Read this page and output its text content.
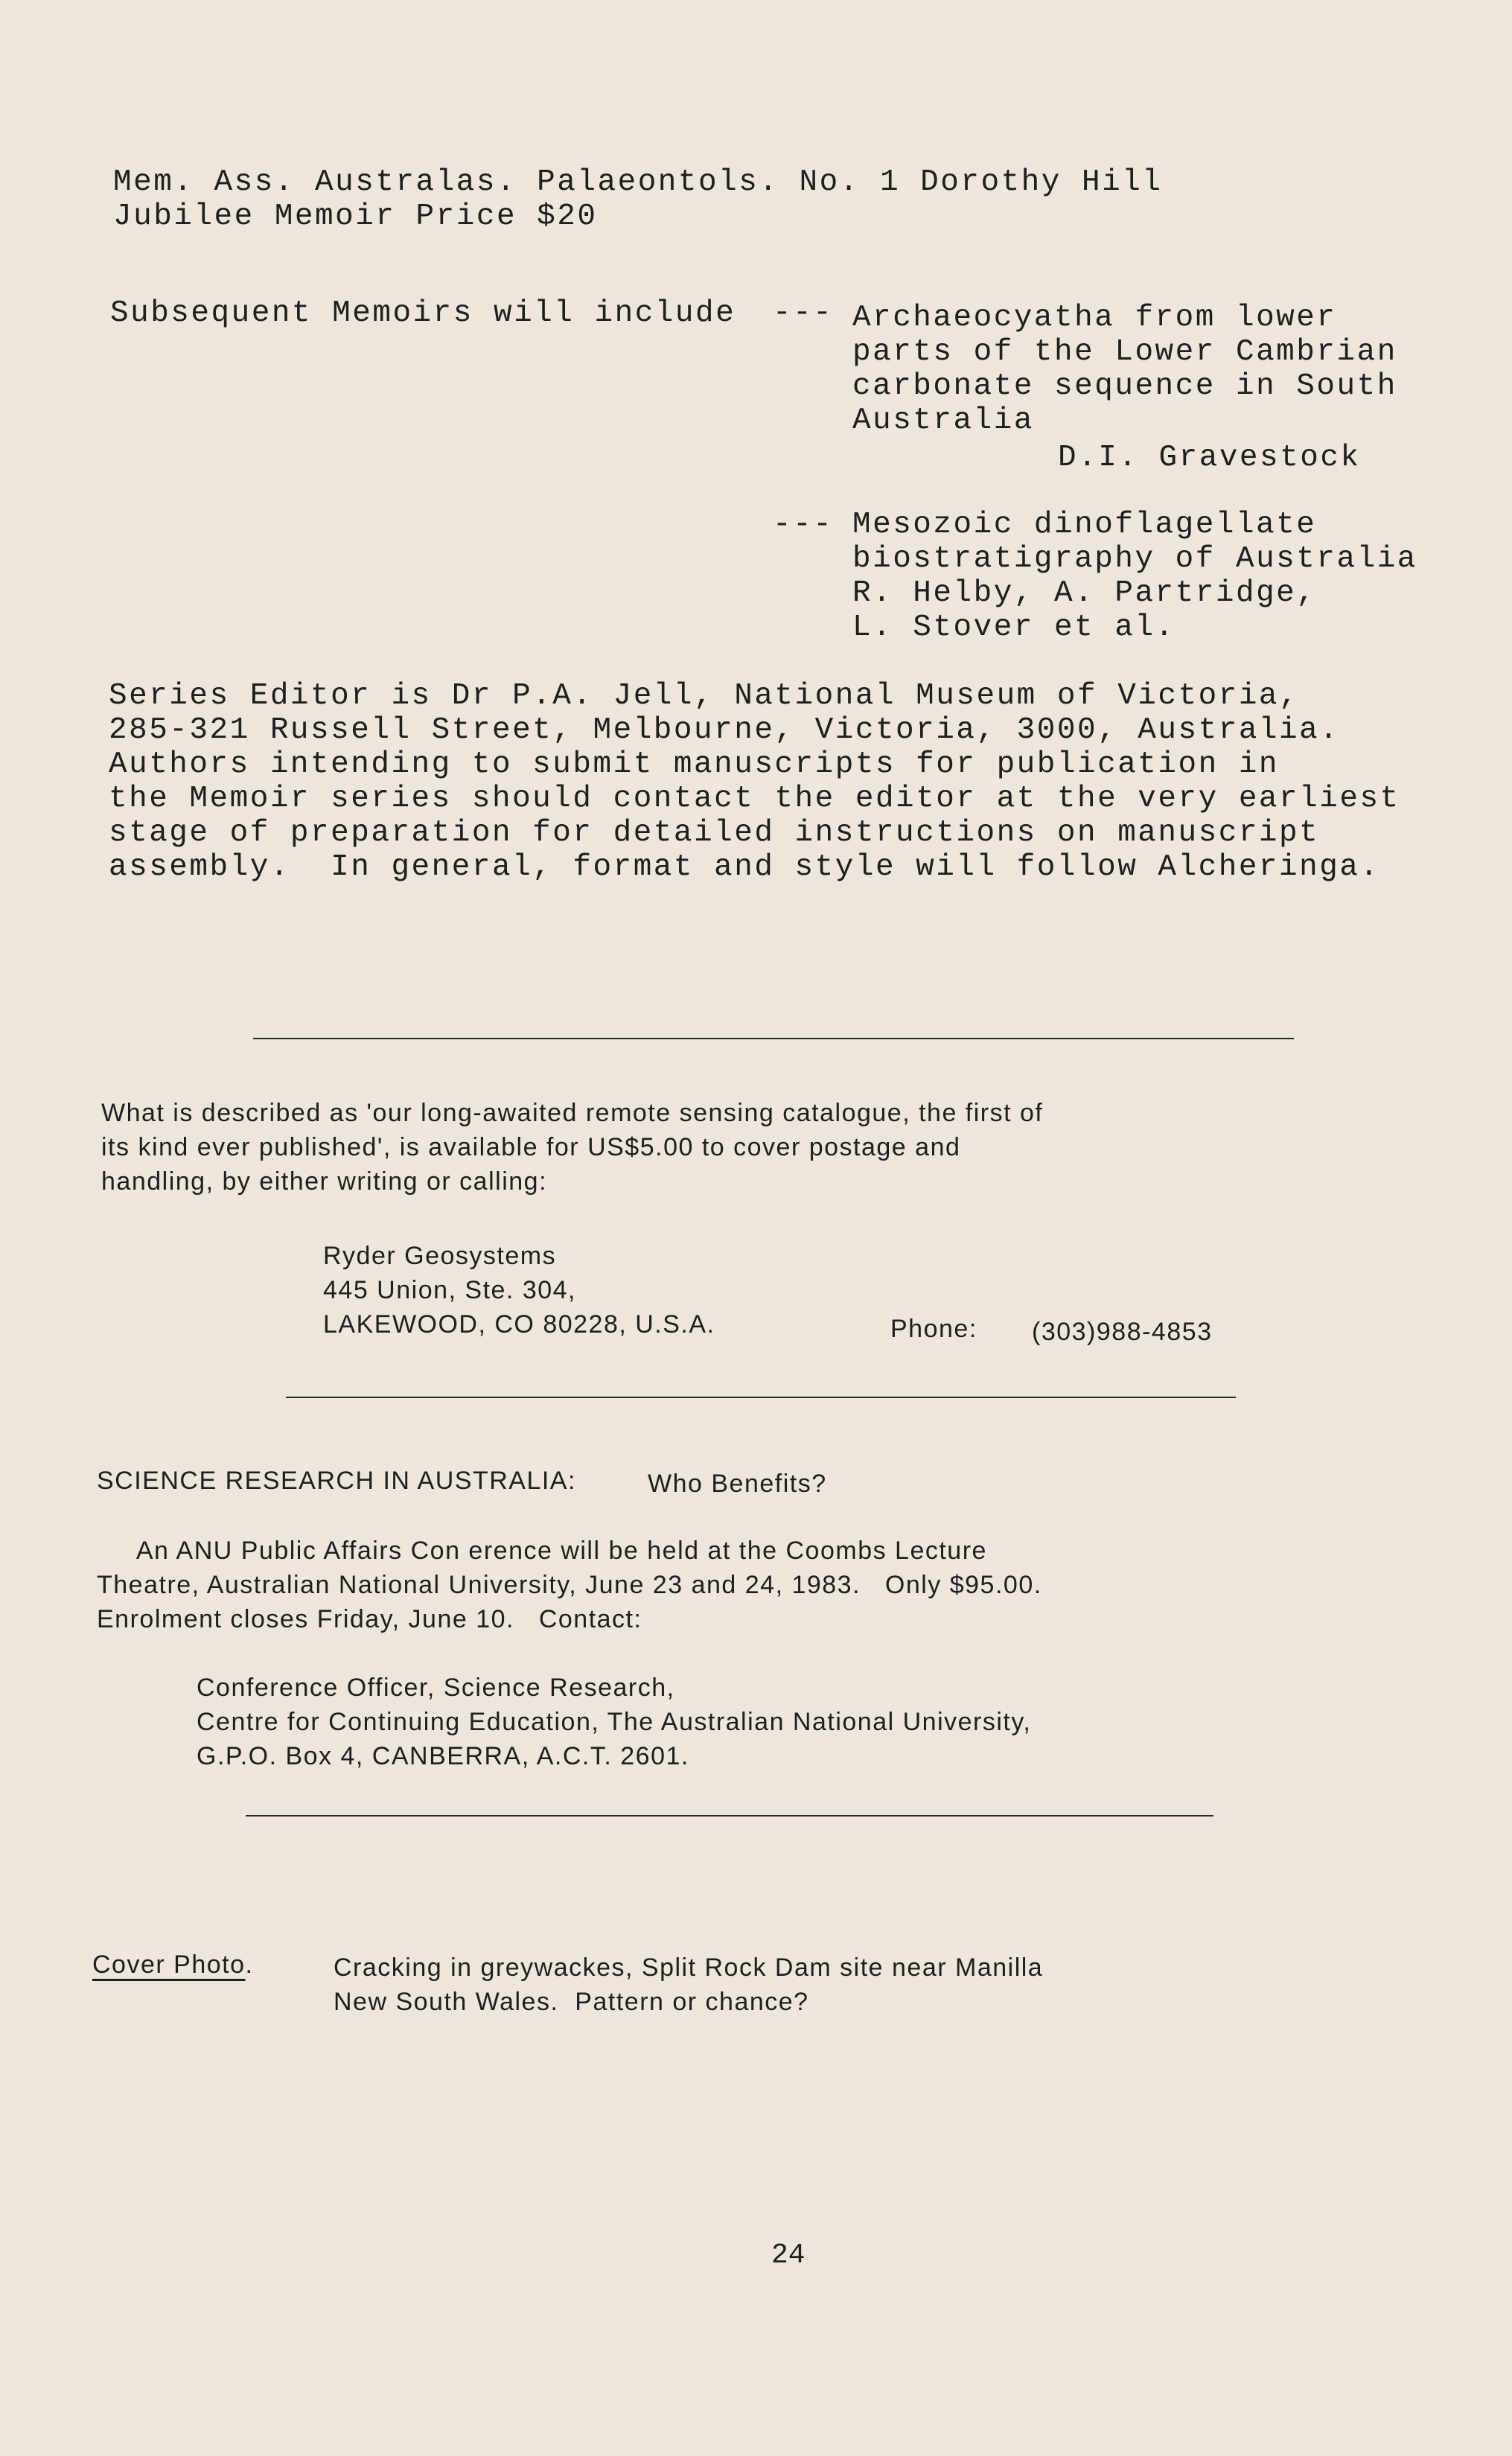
Mem. Ass. Australas. Palaeontols. No. 1 Dorothy Hill
Jubilee Memoir Price $20
Subsequent Memoirs will include --- Archaeocyatha from lower
parts of the Lower Cambrian
carbonate sequence in South
Australia
D.I. Gravestock
--- Mesozoic dinoflagellate
biostratigraphy of Australia
R. Helby, A. Partridge,
L. Stover et al.
Series Editor is Dr P.A. Jell, National Museum of Victoria,
285-321 Russell Street, Melbourne, Victoria, 3000, Australia.
Authors intending to submit manuscripts for publication in
the Memoir series should contact the editor at the very earliest
stage of preparation for detailed instructions on manuscript
assembly.  In general, format and style will follow Alcheringa.
What is described as 'our long-awaited remote sensing catalogue, the first of
its kind ever published', is available for US$5.00 to cover postage and
handling, by either writing or calling:
Ryder Geosystems
445 Union, Ste. 304,
LAKEWOOD, CO 80228, U.S.A.	Phone: (303)988-4853
SCIENCE RESEARCH IN AUSTRALIA:	Who Benefits?
An ANU Public Affairs Con erence will be held at the Coombs Lecture
Theatre, Australian National University, June 23 and 24, 1983.   Only $95.00.
Enrolment closes Friday, June 10.   Contact:
Conference Officer, Science Research,
Centre for Continuing Education, The Australian National University,
G.P.O. Box 4, CANBERRA, A.C.T. 2601.
Cover Photo.	Cracking in greywackes, Split Rock Dam site near Manilla
New South Wales.  Pattern or chance?
24
